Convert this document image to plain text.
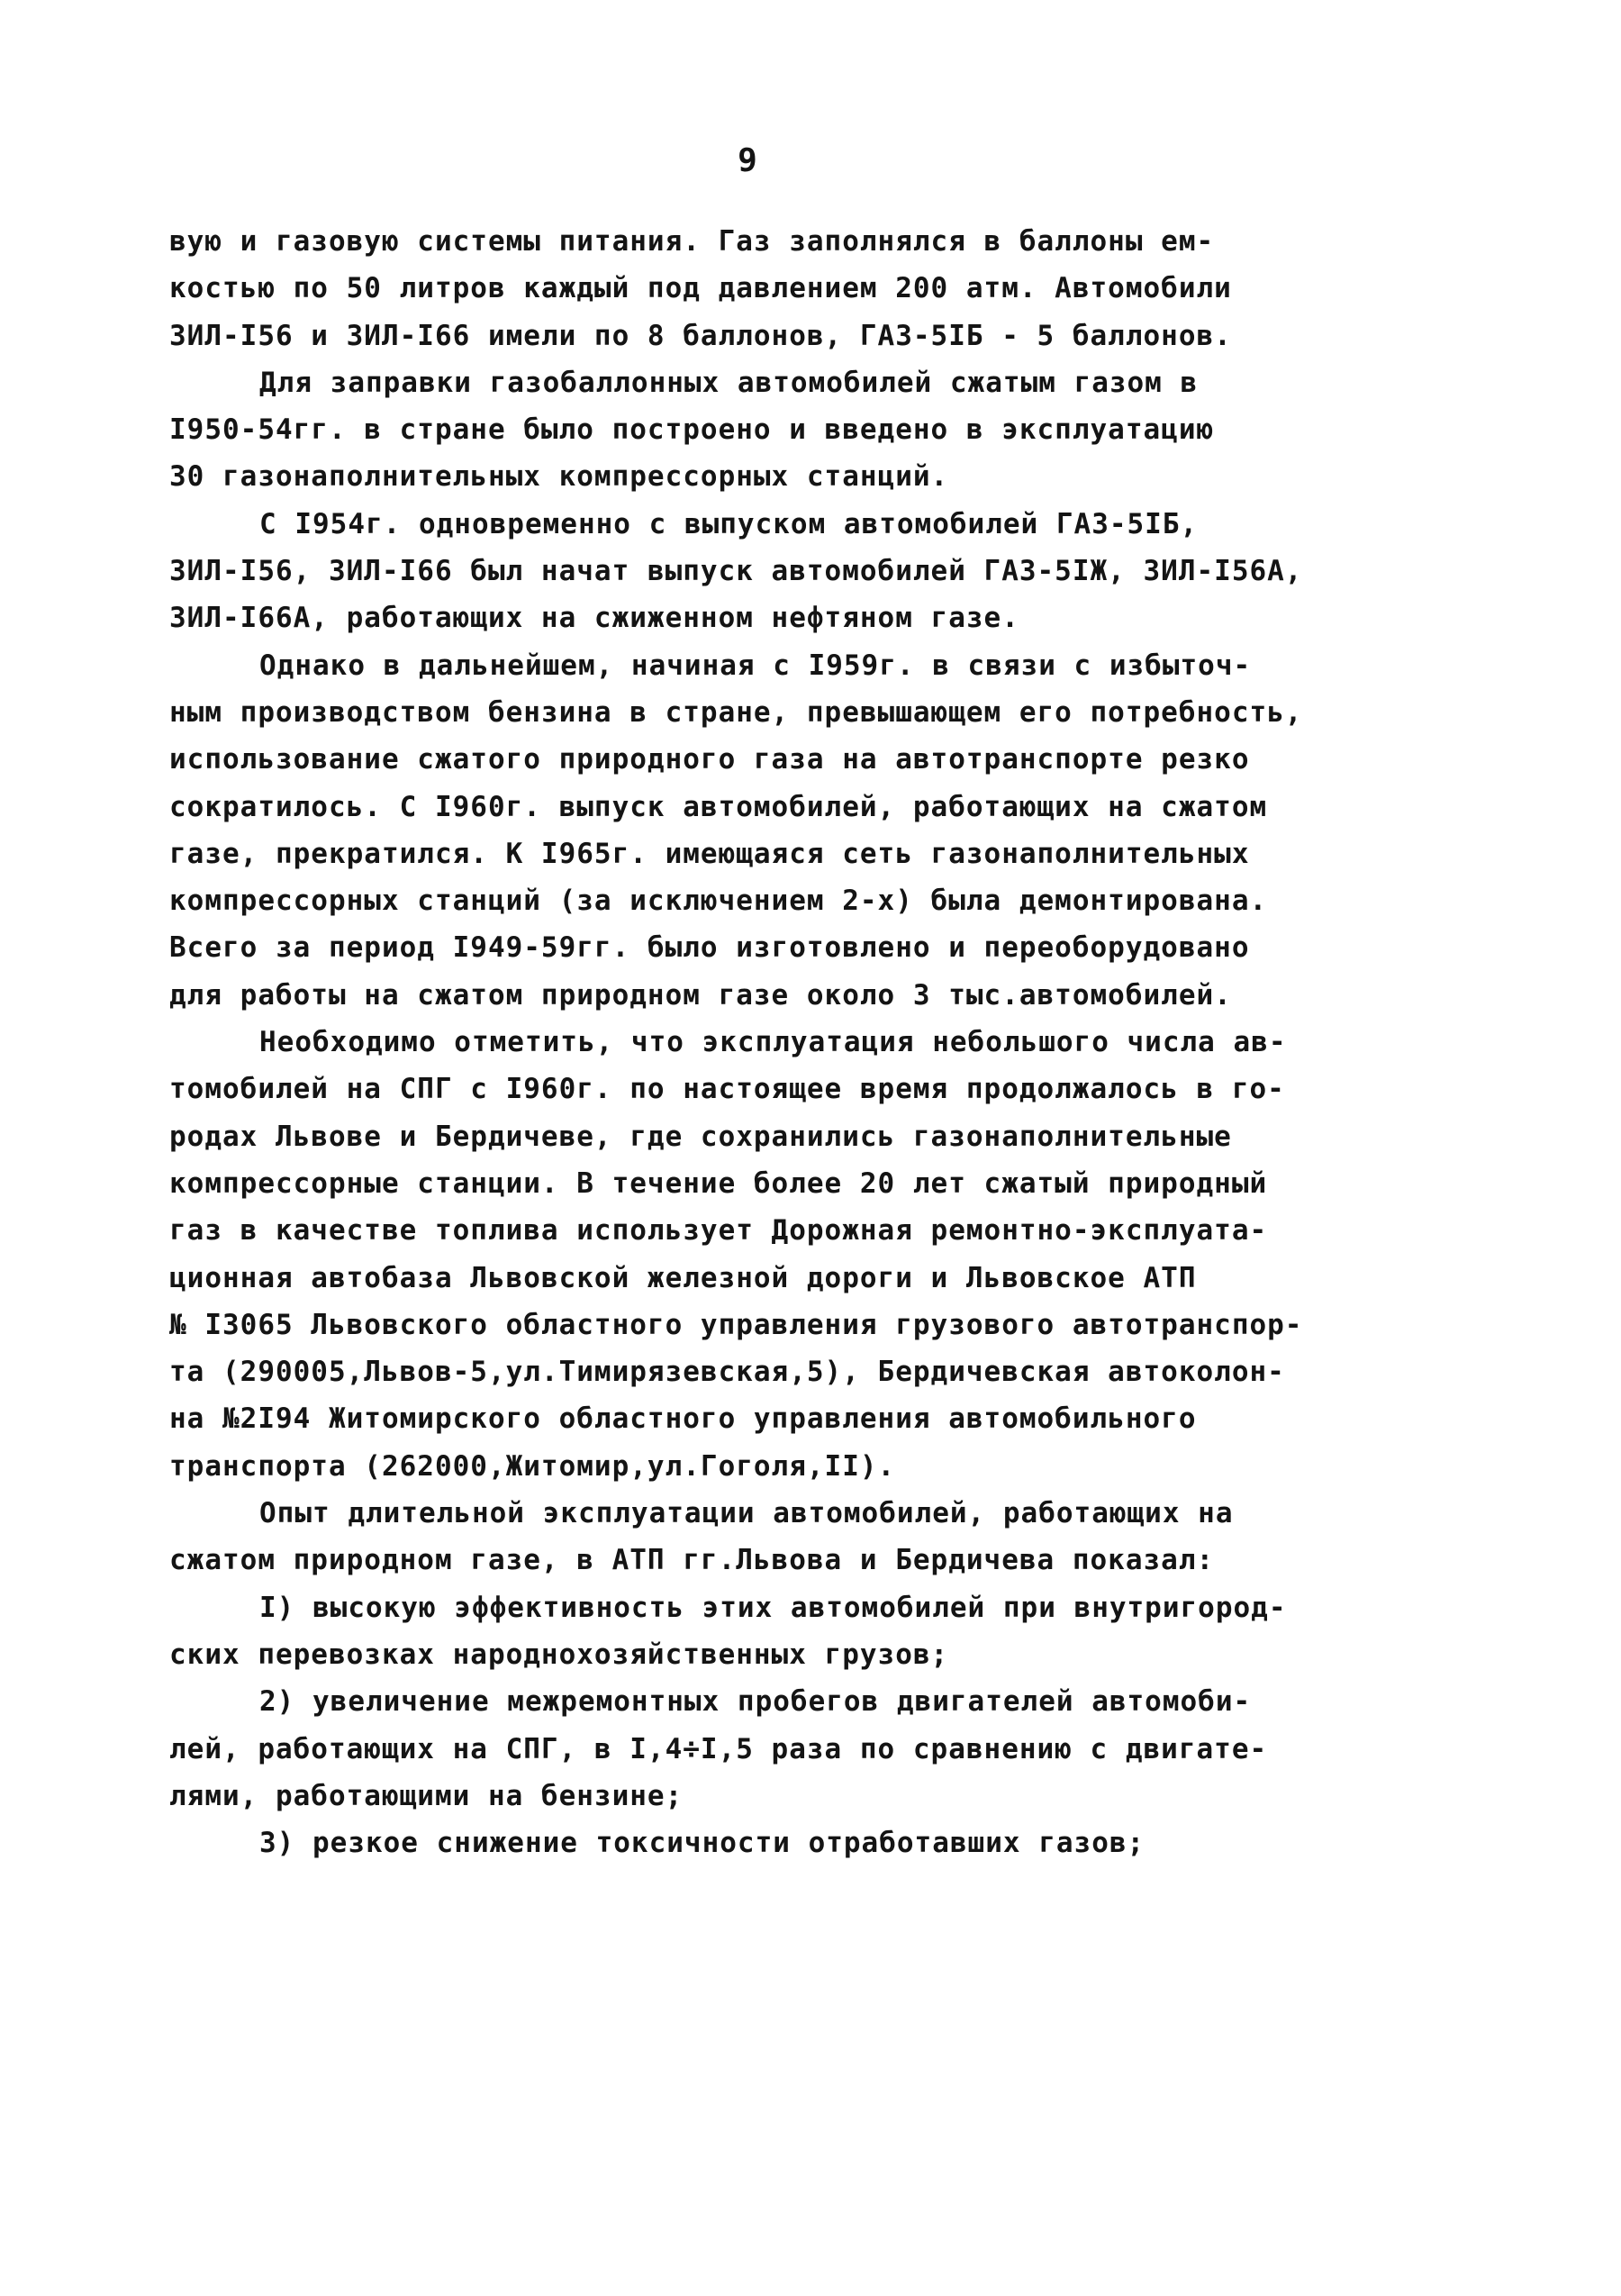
9
вую и газовую системы питания. Газ заполнялся в баллоны ем-
костью по 50 литров каждый под давлением 200 атм. Автомобили
ЗИЛ-I56 и ЗИЛ-I66 имели по 8 баллонов, ГАЗ-5IБ - 5 баллонов.
Для заправки газобаллонных автомобилей сжатым газом в
I950-54гг. в стране было построено и введено в эксплуатацию
30 газонаполнительных компрессорных станций.
С I954г. одновременно с выпуском автомобилей ГАЗ-5IБ,
ЗИЛ-I56, ЗИЛ-I66 был начат выпуск автомобилей ГАЗ-5IЖ, ЗИЛ-I56А,
ЗИЛ-I66А, работающих на сжиженном нефтяном газе.
Однако в дальнейшем, начиная с I959г. в связи с избыточ-
ным производством бензина в стране, превышающем его потребность,
использование сжатого природного газа на автотранспорте резко
сократилось. С I960г. выпуск автомобилей, работающих на сжатом
газе, прекратился. К I965г. имеющаяся сеть газонаполнительных
компрессорных станций (за исключением 2-х) была демонтирована.
Всего за период I949-59гг. было изготовлено и переоборудовано
для работы на сжатом природном газе около 3 тыс.автомобилей.
Необходимо отметить, что эксплуатация небольшого числа ав-
томобилей на СПГ с I960г. по настоящее время продолжалось в го-
родах Львове и Бердичеве, где сохранились газонаполнительные
компрессорные станции. В течение более 20 лет сжатый природный
газ в качестве топлива использует Дорожная ремонтно-эксплуата-
ционная автобаза Львовской железной дороги и Львовское АТП
№ I3065 Львовского областного управления грузового автотранспор-
та (290005,Львов-5,ул.Тимирязевская,5), Бердичевская автоколон-
на №2I94 Житомирского областного управления автомобильного
транспорта (262000,Житомир,ул.Гоголя,II).
Опыт длительной эксплуатации автомобилей, работающих на
сжатом природном газе, в АТП гг.Львова и Бердичева показал:
I) высокую эффективность этих автомобилей при внутригород-
ских перевозках народнохозяйственных грузов;
2) увеличение межремонтных пробегов двигателей автомоби-
лей, работающих на СПГ, в I,4÷I,5 раза по сравнению с двигате-
лями, работающими на бензине;
3) резкое снижение токсичности отработавших газов;
